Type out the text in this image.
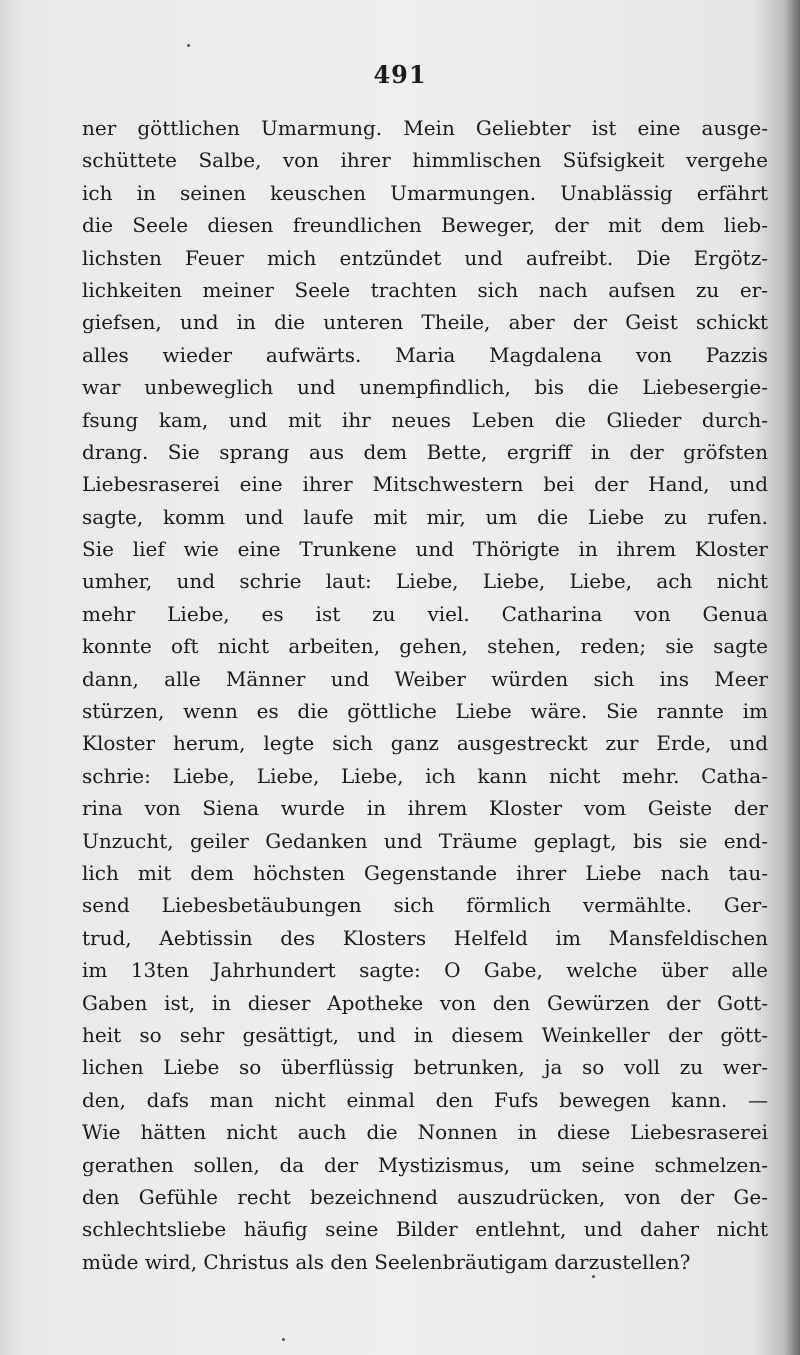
491
ner göttlichen Umarmung. Mein Geliebter ist eine ausge-
schüttete Salbe, von ihrer himmlischen Süfsigkeit vergehe
ich in seinen keuschen Umarmungen. Unablässig erfährt
die Seele diesen freundlichen Beweger, der mit dem lieb-
lichsten Feuer mich entzündet und aufreibt. Die Ergötz-
lichkeiten meiner Seele trachten sich nach aufsen zu er-
giefsen, und in die unteren Theile, aber der Geist schickt
alles wieder aufwärts. Maria Magdalena von Pazzis
war unbeweglich und unempfindlich, bis die Liebesergie-
fsung kam, und mit ihr neues Leben die Glieder durch-
drang. Sie sprang aus dem Bette, ergriff in der gröfsten
Liebesraserei eine ihrer Mitschwestern bei der Hand, und
sagte, komm und laufe mit mir, um die Liebe zu rufen.
Sie lief wie eine Trunkene und Thörigte in ihrem Kloster
umher, und schrie laut: Liebe, Liebe, Liebe, ach nicht
mehr Liebe, es ist zu viel. Catharina von Genua
konnte oft nicht arbeiten, gehen, stehen, reden; sie sagte
dann, alle Männer und Weiber würden sich ins Meer
stürzen, wenn es die göttliche Liebe wäre. Sie rannte im
Kloster herum, legte sich ganz ausgestreckt zur Erde, und
schrie: Liebe, Liebe, Liebe, ich kann nicht mehr. Catha-
rina von Siena wurde in ihrem Kloster vom Geiste der
Unzucht, geiler Gedanken und Träume geplagt, bis sie end-
lich mit dem höchsten Gegenstande ihrer Liebe nach tau-
send Liebesbetäubungen sich förmlich vermählte. Ger-
trud, Aebtissin des Klosters Helfeld im Mansfeldischen
im 13ten Jahrhundert sagte: O Gabe, welche über alle
Gaben ist, in dieser Apotheke von den Gewürzen der Gott-
heit so sehr gesättigt, und in diesem Weinkeller der gött-
lichen Liebe so überflüssig betrunken, ja so voll zu wer-
den, dafs man nicht einmal den Fufs bewegen kann. —
Wie hätten nicht auch die Nonnen in diese Liebesraserei
gerathen sollen, da der Mystizismus, um seine schmelzen-
den Gefühle recht bezeichnend auszudrücken, von der Ge-
schlechtsliebe häufig seine Bilder entlehnt, und daher nicht
müde wird, Christus als den Seelenbräutigam darzustellen?
